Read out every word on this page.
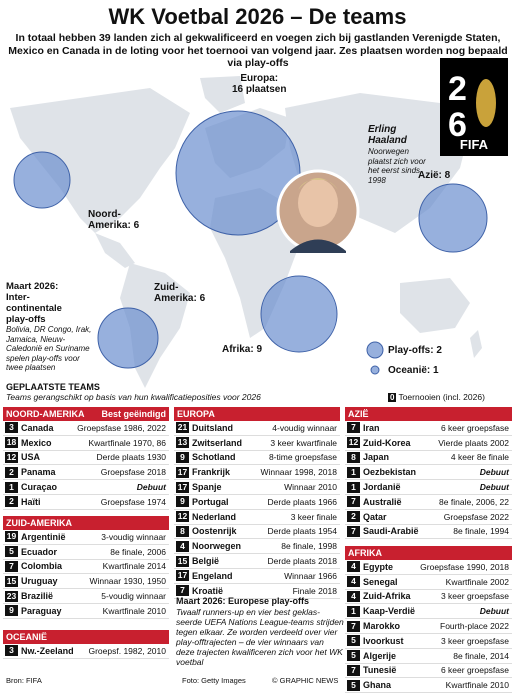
WK Voetbal 2026 – De teams
In totaal hebben 39 landen zich al gekwalificeerd en voegen zich bij gastlanden Verenigde Staten, Mexico en Canada in de loting voor het toernooi van volgend jaar. Zes plaatsen worden nog bepaald via play-offs
2
6
FIFA
Europa:
16 plaatsen
Azië: 8
Noord-
Amerika: 6
Zuid-
Amerika: 6
Afrika: 9
Erling
Haaland
Noorwegen plaatst zich voor het eerst sinds 1998
Maart 2026:
Inter-
continentale
play-offs
Bolivia, DR Congo, Irak, Jamaica, Nieuw-Caledonië en Suriname spelen play-offs voor twee plaatsen
Play-offs: 2
Oceanië: 1
GEPLAATSTE TEAMS
Teams gerangschikt op basis van hun kwalificatieposities voor 2026	0 Toernooien (incl. 2026)
NOORD-AMERIKA Best geëindigd
3 Canada	Groepsfase 1986, 2022
18 Mexico	Kwartfinale 1970, 86
12 USA	Derde plaats 1930
2 Panama	Groepsfase 2018
1 Curaçao	Debuut
2 Haïti	Groepsfase 1974
ZUID-AMERIKA
19 Argentinië	3-voudig winnaar
5 Ecuador	8e finale, 2006
7 Colombia	Kwartfinale 2014
15 Uruguay	Winnaar 1930, 1950
23 Brazilië	5-voudig winnaar
9 Paraguay	Kwartfinale 2010
OCEANIË
3 Nw.-Zeeland	Groepsf. 1982, 2010
EUROPA
21 Duitsland	4-voudig winnaar
13 Zwitserland	3 keer kwartfinale
9 Schotland	8-time groepsfase
17 Frankrijk	Winnaar 1998, 2018
17 Spanje	Winnaar 2010
9 Portugal	Derde plaats 1966
12 Nederland	3 keer finale
8 Oostenrijk	Derde plaats 1954
4 Noorwegen	8e finale, 1998
15 België	Derde plaats 2018
17 Engeland	Winnaar 1966
7 Kroatië	Finale 2018
Maart 2026: Europese play-offs
Twaalf runners-up en vier best geklas-seerde UEFA Nations League-teams strijden tegen elkaar. Ze worden verdeeld over vier play-offtrajecten – de vier winnaars van deze trajecten kwalificeren zich voor het WK voetbal
AZIË
7 Iran	6 keer groepsfase
12 Zuid-Korea	Vierde plaats 2002
8 Japan	4 keer 8e finale
1 Oezbekistan	Debuut
1 Jordanië	Debuut
7 Australië	8e finale, 2006, 22
2 Qatar	Groepsfase 2022
7 Saudi-Arabië	8e finale, 1994
AFRIKA
4 Egypte	Groepsfase 1990, 2018
4 Senegal	Kwartfinale 2002
4 Zuid-Afrika	3 keer groepsfase
1 Kaap-Verdië	Debuut
7 Marokko	Fourth-place 2022
5 Ivoorkust	3 keer groepsfase
5 Algerije	8e finale, 2014
7 Tunesië	6 keer groepsfase
5 Ghana	Kwartfinale 2010
Bron: FIFA	Foto: Getty Images	© GRAPHIC NEWS
